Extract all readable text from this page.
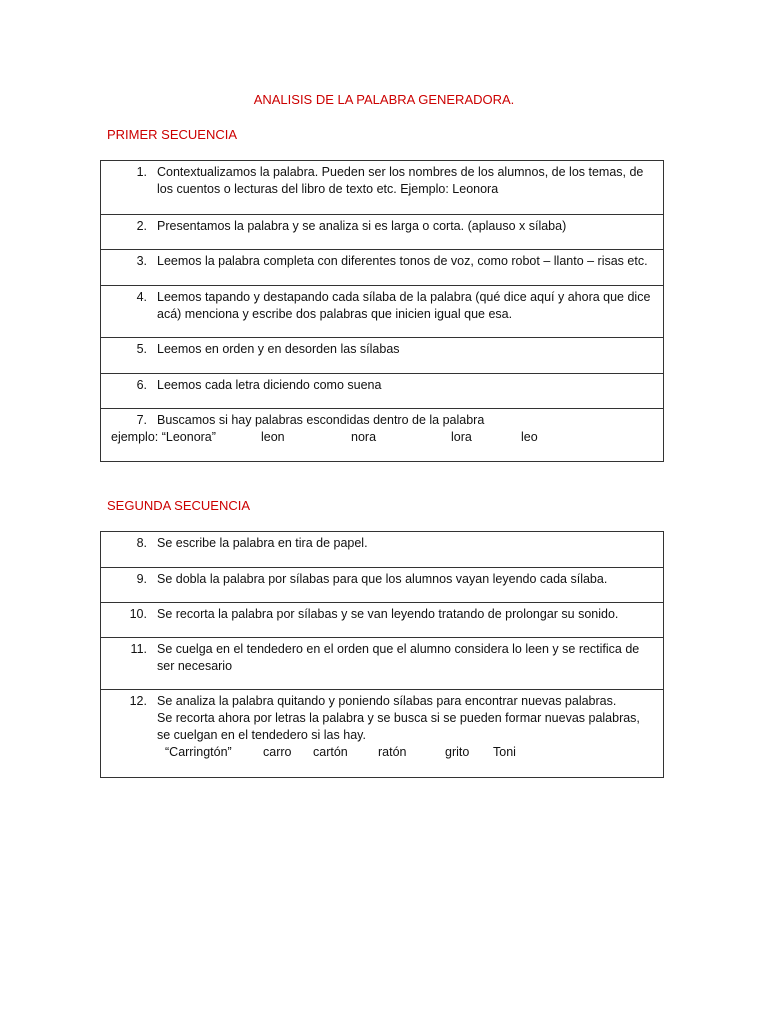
ANALISIS DE LA PALABRA GENERADORA.
PRIMER SECUENCIA
1. Contextualizamos la palabra. Pueden ser los nombres de los alumnos, de los temas, de los cuentos o lecturas del libro de texto etc. Ejemplo: Leonora

2. Presentamos la palabra y se analiza si es larga o corta. (aplauso x sílaba)

3. Leemos la palabra completa con diferentes tonos de voz, como robot – llanto – risas etc.

4. Leemos tapando y destapando cada sílaba de la palabra (qué dice aquí y ahora que dice acá) menciona y escribe dos palabras que inicien igual que esa.

5. Leemos en orden y en desorden las sílabas

6. Leemos cada letra diciendo como suena

7. Buscamos si hay palabras escondidas dentro de la palabra
ejemplo: “Leonora”	leon	nora	lora	leo
SEGUNDA SECUENCIA
8. Se escribe la palabra en tira de papel.

9. Se dobla la palabra por sílabas para que los alumnos vayan leyendo cada sílaba.

10. Se recorta la palabra por sílabas y se van leyendo tratando de prolongar su sonido.

11. Se cuelga en el tendedero en el orden que el alumno considera lo leen y se rectifica de ser necesario

12. Se analiza la palabra quitando y poniendo sílabas para encontrar nuevas palabras.
Se recorta ahora por letras la palabra y se busca si se pueden formar nuevas palabras, se cuelgan en el tendedero si las hay.
“Carringtón”	carro	cartón	ratón	grito	Toni
